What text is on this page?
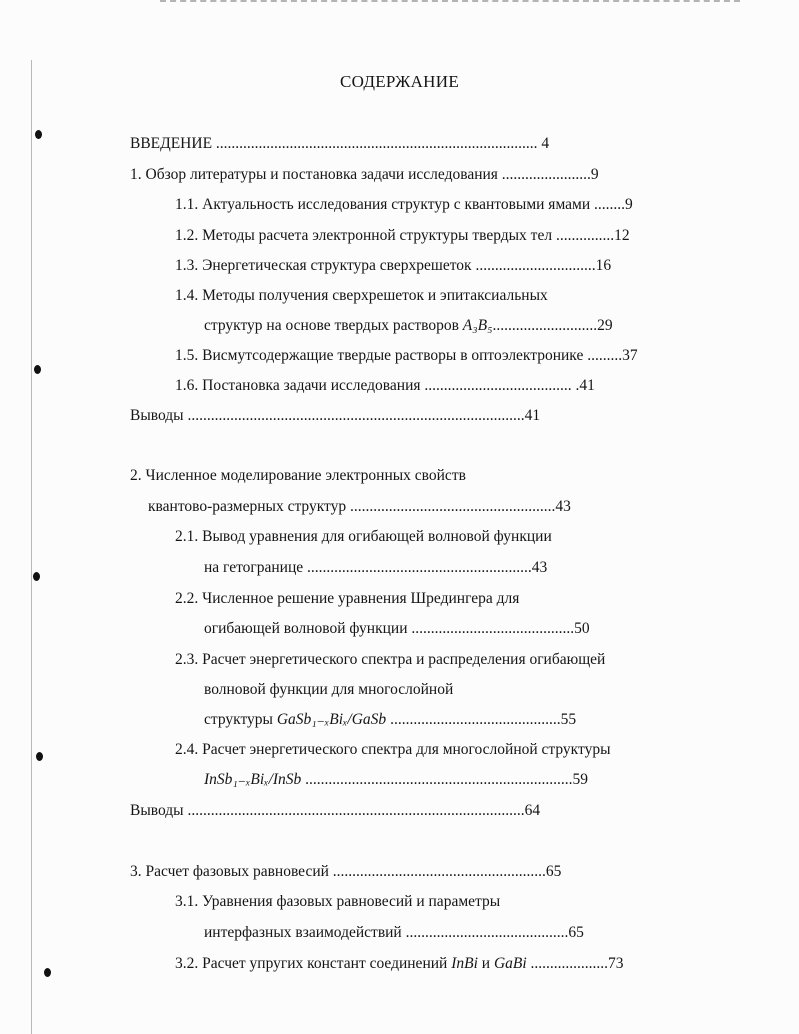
СОДЕРЖАНИЕ
ВВЕДЕНИЕ ................................................................................... 4
1. Обзор литературы и постановка задачи исследования .......................9
1.1. Актуальность исследования структур с квантовыми ямами ........9
1.2. Методы расчета электронной структуры твердых тел ...............12
1.3. Энергетическая структура сверхрешеток ...............................16
1.4. Методы получения сверхрешеток и эпитаксиальных
структур на основе твердых растворов A₃B₅...........................29
1.5. Висмутсодержащие твердые растворы в оптоэлектронике .........37
1.6. Постановка задачи исследования ...................................... .41
Выводы .......................................................................................41
2. Численное моделирование электронных свойств
квантово-размерных структур .....................................................43
2.1. Вывод уравнения для огибающей волновой функции
на гетогранице ..........................................................43
2.2. Численное решение уравнения Шредингера для
огибающей волновой функции ..........................................50
2.3. Расчет энергетического спектра и распределения огибающей
волновой функции для многослойной
структуры GaSb₁₋ₓBiₓ/GaSb ............................................55
2.4. Расчет энергетического спектра для многослойной структуры
InSb₁₋ₓBiₓ/InSb .....................................................................59
Выводы .......................................................................................64
3. Расчет фазовых равновесий .......................................................65
3.1. Уравнения фазовых равновесий и параметры
интерфазных взаимодействий ..........................................65
3.2. Расчет упругих констант соединений InBi и GaBi ....................73
